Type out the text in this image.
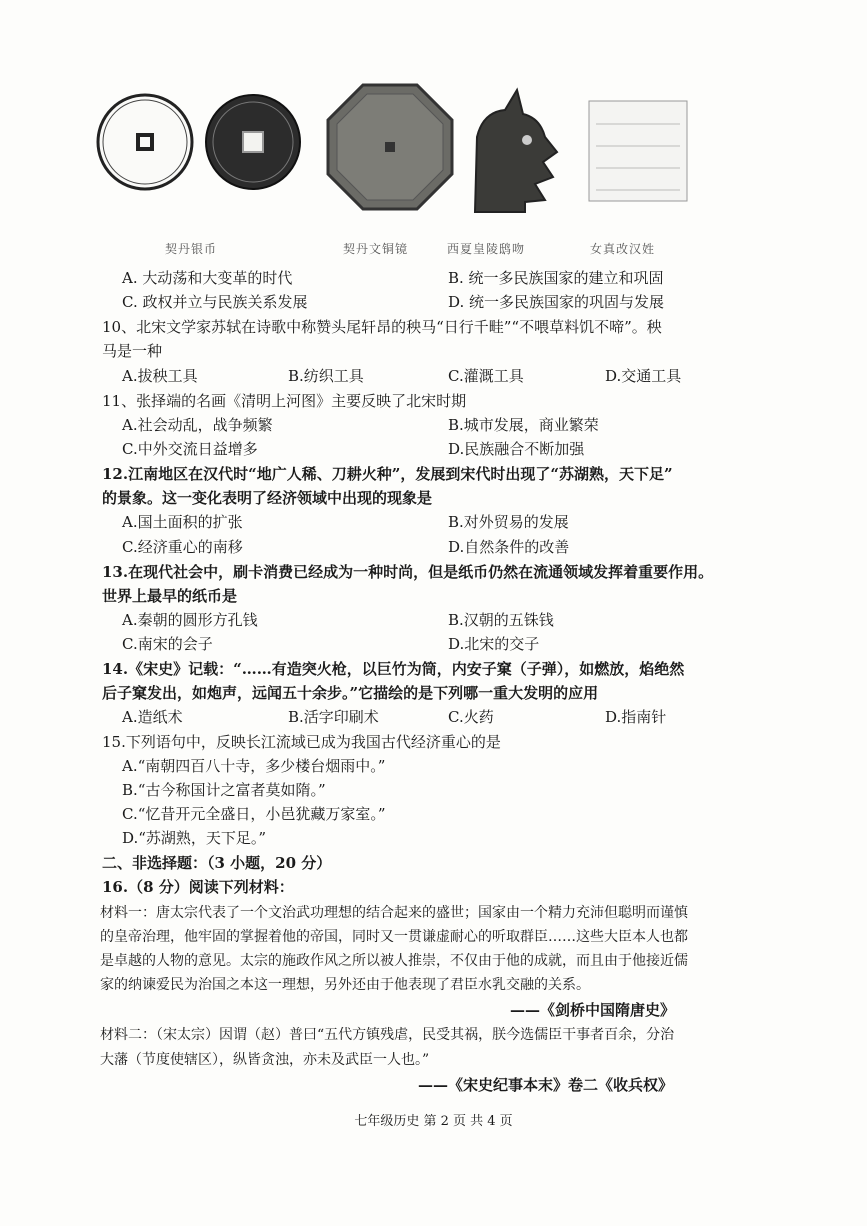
契丹银币	契丹文铜镜	西夏皇陵鸱吻	女真改汉姓
A. 大动荡和大变革的时代	B. 统一多民族国家的建立和巩固
C. 政权并立与民族关系发展	D. 统一多民族国家的巩固与发展
10、北宋文学家苏轼在诗歌中称赞头尾轩昂的秧马“日行千畦”“不喂草料饥不啼”。秧
马是一种
A.拔秧工具	B.纺织工具	C.灌溉工具	D.交通工具
11、张择端的名画《清明上河图》主要反映了北宋时期
A.社会动乱，战争频繁	B.城市发展，商业繁荣
C.中外交流日益增多	D.民族融合不断加强
12.江南地区在汉代时“地广人稀、刀耕火种”，发展到宋代时出现了“苏湖熟，天下足”
的景象。这一变化表明了经济领域中出现的现象是
A.国土面积的扩张	B.对外贸易的发展
C.经济重心的南移	D.自然条件的改善
13.在现代社会中，刷卡消费已经成为一种时尚，但是纸币仍然在流通领域发挥着重要作用。
世界上最早的纸币是
A.秦朝的圆形方孔钱	B.汉朝的五铢钱
C.南宋的会子	D.北宋的交子
14.《宋史》记载：“……有造突火枪，以巨竹为筒，内安子窠（子弹），如燃放，焰绝然
后子窠发出，如炮声，远闻五十余步。”它描绘的是下列哪一重大发明的应用
A.造纸术	B.活字印刷术	C.火药	D.指南针
15.下列语句中，反映长江流域已成为我国古代经济重心的是
A.“南朝四百八十寺，多少楼台烟雨中。”
B.“古今称国计之富者莫如隋。”
C.“忆昔开元全盛日，小邑犹藏万家室。”
D.“苏湖熟，天下足。”
二、非选择题：（3 小题，20 分）
16.（8 分）阅读下列材料：
材料一：唐太宗代表了一个文治武功理想的结合起来的盛世；国家由一个精力充沛但聪明而谨慎
的皇帝治理，他牢固的掌握着他的帝国，同时又一贯谦虚耐心的听取群臣……这些大臣本人也都
是卓越的人物的意见。太宗的施政作风之所以被人推崇，不仅由于他的成就，而且由于他接近儒
家的纳谏爱民为治国之本这一理想，另外还由于他表现了君臣水乳交融的关系。
——《剑桥中国隋唐史》
材料二：（宋太宗）因谓（赵）普曰“五代方镇残虐，民受其祸，朕今选儒臣干事者百余，分治
大藩（节度使辖区），纵皆贪浊，亦未及武臣一人也。”
——《宋史纪事本末》卷二《收兵权》
七年级历史 第 2 页 共 4 页
